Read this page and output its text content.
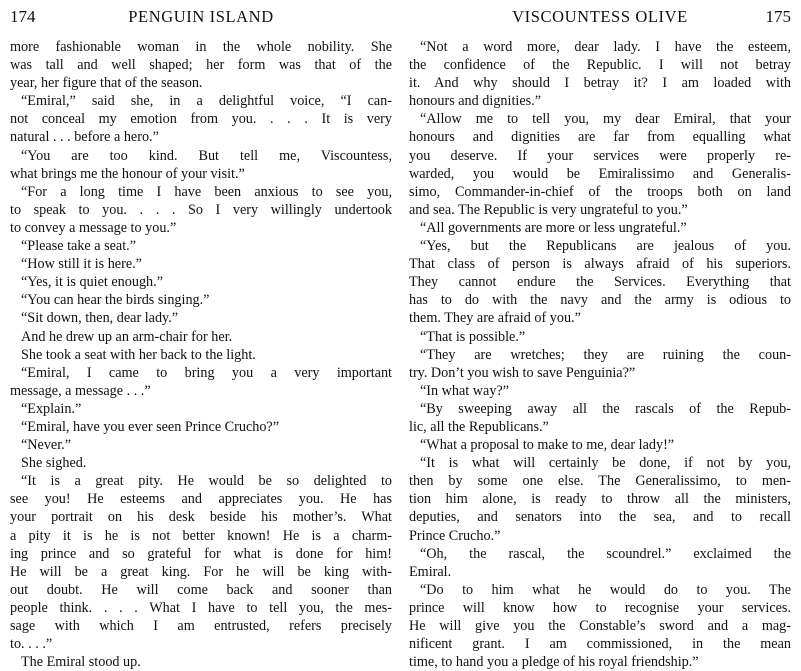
174	PENGUIN ISLAND
more fashionable woman in the whole nobility. She
was tall and well shaped; her form was that of the
year, her figure that of the season.
“Emiral,” said she, in a delightful voice, “I can-
not conceal my emotion from you. . . . It is very
natural . . . before a hero.”
“You are too kind. But tell me, Viscountess,
what brings me the honour of your visit.”
“For a long time I have been anxious to see you,
to speak to you. . . . So I very willingly undertook
to convey a message to you.”
“Please take a seat.”
“How still it is here.”
“Yes, it is quiet enough.”
“You can hear the birds singing.”
“Sit down, then, dear lady.”
And he drew up an arm-chair for her.
She took a seat with her back to the light.
“Emiral, I came to bring you a very important
message, a message . . .”
“Explain.”
“Emiral, have you ever seen Prince Crucho?”
“Never.”
She sighed.
“It is a great pity. He would be so delighted to
see you! He esteems and appreciates you. He has
your portrait on his desk beside his mother’s. What
a pity it is he is not better known! He is a charm-
ing prince and so grateful for what is done for him!
He will be a great king. For he will be king with-
out doubt. He will come back and sooner than
people think. . . . What I have to tell you, the mes-
sage with which I am entrusted, refers precisely
to. . . .”
The Emiral stood up.
VISCOUNTESS OLIVE	175
“Not a word more, dear lady. I have the esteem,
the confidence of the Republic. I will not betray
it. And why should I betray it? I am loaded with
honours and dignities.”
“Allow me to tell you, my dear Emiral, that your
honours and dignities are far from equalling what
you deserve. If your services were properly re-
warded, you would be Emiralissimo and Generalis-
simo, Commander-in-chief of the troops both on land
and sea. The Republic is very ungrateful to you.”
“All governments are more or less ungrateful.”
“Yes, but the Republicans are jealous of you.
That class of person is always afraid of his superiors.
They cannot endure the Services. Everything that
has to do with the navy and the army is odious to
them. They are afraid of you.”
“That is possible.”
“They are wretches; they are ruining the coun-
try. Don’t you wish to save Penguinia?”
“In what way?”
“By sweeping away all the rascals of the Repub-
lic, all the Republicans.”
“What a proposal to make to me, dear lady!”
“It is what will certainly be done, if not by you,
then by some one else. The Generalissimo, to men-
tion him alone, is ready to throw all the ministers,
deputies, and senators into the sea, and to recall
Prince Crucho.”
“Oh, the rascal, the scoundrel.” exclaimed the
Emiral.
“Do to him what he would do to you. The
prince will know how to recognise your services.
He will give you the Constable’s sword and a mag-
nificent grant. I am commissioned, in the mean
time, to hand you a pledge of his royal friendship.”
